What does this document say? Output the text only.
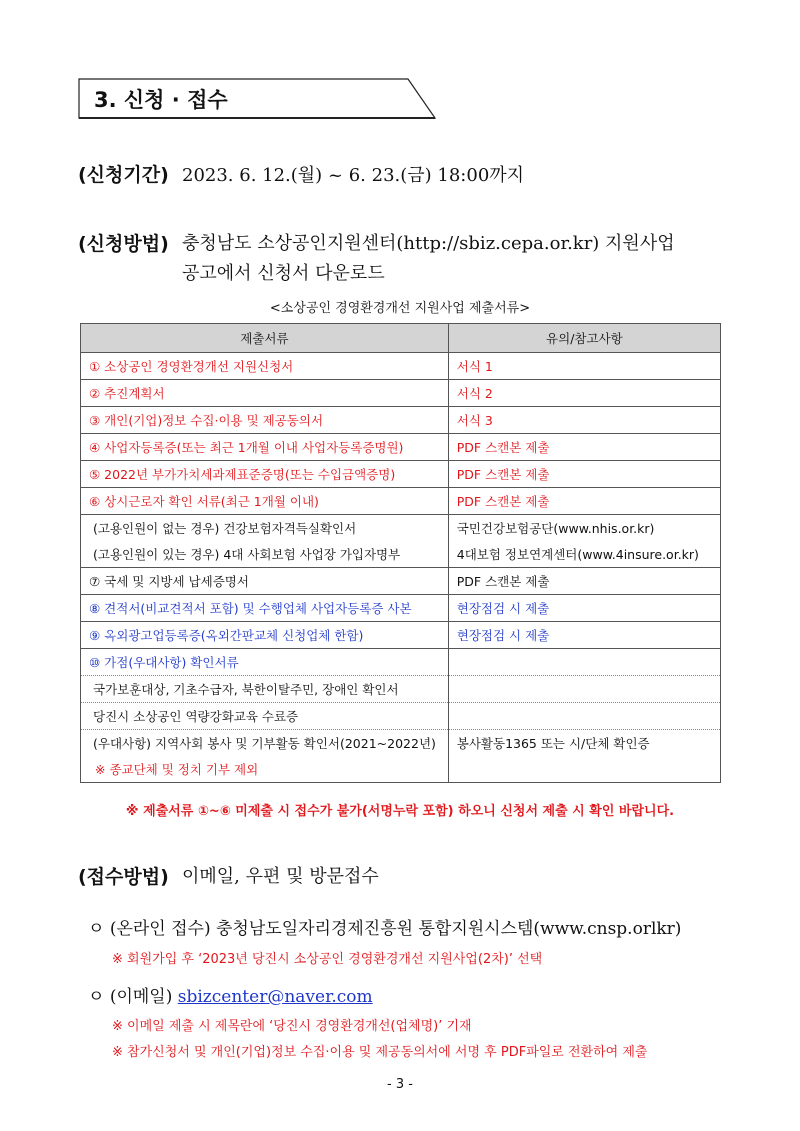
3. 신청 · 접수
(신청기간) 2023. 6. 12.(월) ~ 6. 23.(금) 18:00까지
(신청방법) 충청남도 소상공인지원센터(http://sbiz.cepa.or.kr) 지원사업
공고에서 신청서 다운로드
<소상공인 경영환경개선 지원사업 제출서류>
제출서류	유의/참고사항
① 소상공인 경영환경개선 지원신청서	서식 1
② 추진계획서	서식 2
③ 개인(기업)정보 수집·이용 및 제공동의서	서식 3
④ 사업자등록증(또는 최근 1개월 이내 사업자등록증명원)	PDF 스캔본 제출
⑤ 2022년 부가가치세과제표준증명(또는 수입금액증명)	PDF 스캔본 제출
⑥ 상시근로자 확인 서류(최근 1개월 이내)	PDF 스캔본 제출
(고용인원이 없는 경우) 건강보험자격득실확인서	국민건강보험공단(www.nhis.or.kr)
(고용인원이 있는 경우) 4대 사회보험 사업장 가입자명부	4대보험 정보연계센터(www.4insure.or.kr)
⑦ 국세 및 지방세 납세증명서	PDF 스캔본 제출
⑧ 견적서(비교견적서 포함) 및 수행업체 사업자등록증 사본	현장점검 시 제출
⑨ 옥외광고업등록증(옥외간판교체 신청업체 한함)	현장점검 시 제출
⑩ 가점(우대사항) 확인서류	
국가보훈대상, 기초수급자, 북한이탈주민, 장애인 확인서	
당진시 소상공인 역량강화교육 수료증	
(우대사항) 지역사회 봉사 및 기부활동 확인서(2021~2022년)	봉사활동1365 또는 시/단체 확인증
※ 종교단체 및 정치 기부 제외	
※ 제출서류 ①~⑥ 미제출 시 접수가 불가(서명누락 포함) 하오니 신청서 제출 시 확인 바랍니다.
(접수방법) 이메일, 우편 및 방문접수
ㅇ (온라인 접수) 충청남도일자리경제진흥원 통합지원시스템(www.cnsp.orlkr)
※ 회원가입 후 ‘2023년 당진시 소상공인 경영환경개선 지원사업(2차)’ 선택
ㅇ (이메일) sbizcenter@naver.com
※ 이메일 제출 시 제목란에 ‘당진시 경영환경개선(업체명)’ 기재
※ 참가신청서 및 개인(기업)정보 수집·이용 및 제공동의서에 서명 후 PDF파일로 전환하여 제출
- 3 -
